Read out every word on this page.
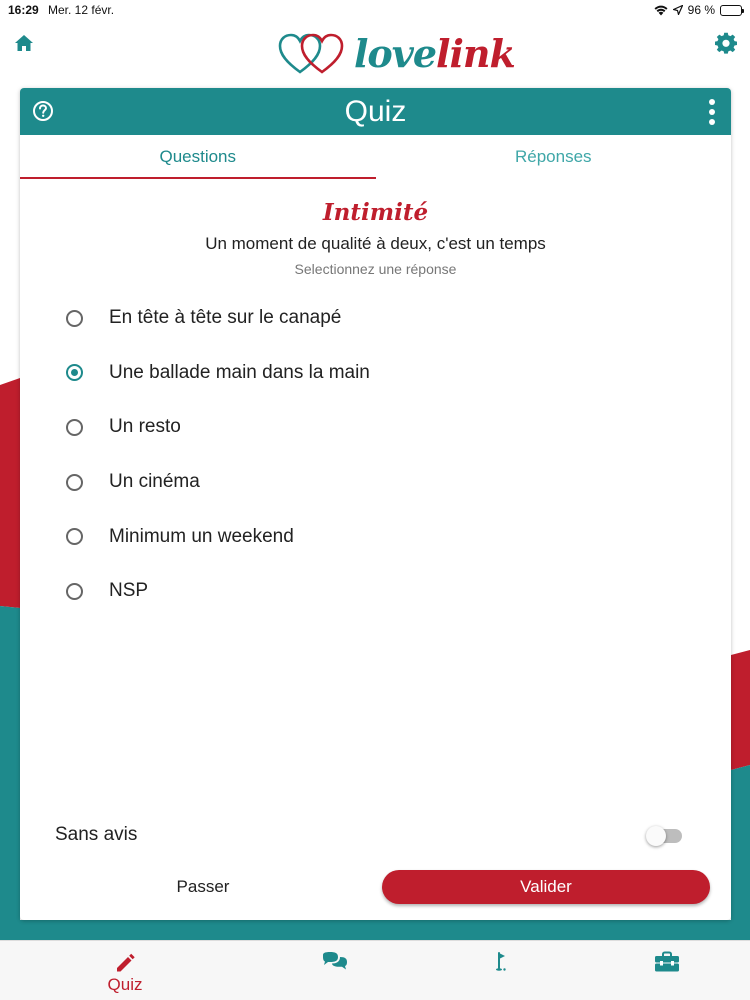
16:29 Mer. 12 févr.	96 %
lovelink
Quiz
Questions	Réponses
Intimité
Un moment de qualité à deux, c'est un temps
Selectionnez une réponse
En tête à tête sur le canapé
Une ballade main dans la main
Un resto
Un cinéma
Minimum un weekend
NSP
Sans avis
Passer	Valider
Quiz
